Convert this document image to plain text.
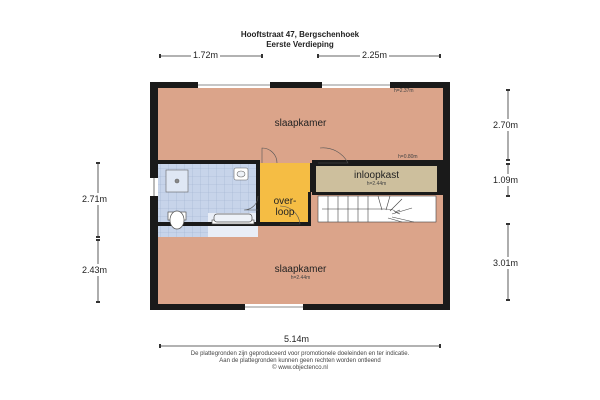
Hooftstraat 47, Bergschenhoek
Eerste Verdieping
1.72m	2.25m
2.70m
1.09m
3.01m
2.71m
2.43m
5.14m
slaapkamer
h=2.37m
h=0.80m
inloopkast
h=2.44m
over-
loop
slaapkamer
h=2.44m
De plattegronden zijn geproduceerd voor promotionele doeleinden en ter indicatie.
Aan de plattegronden kunnen geen rechten worden ontleend
© www.objectenco.nl
